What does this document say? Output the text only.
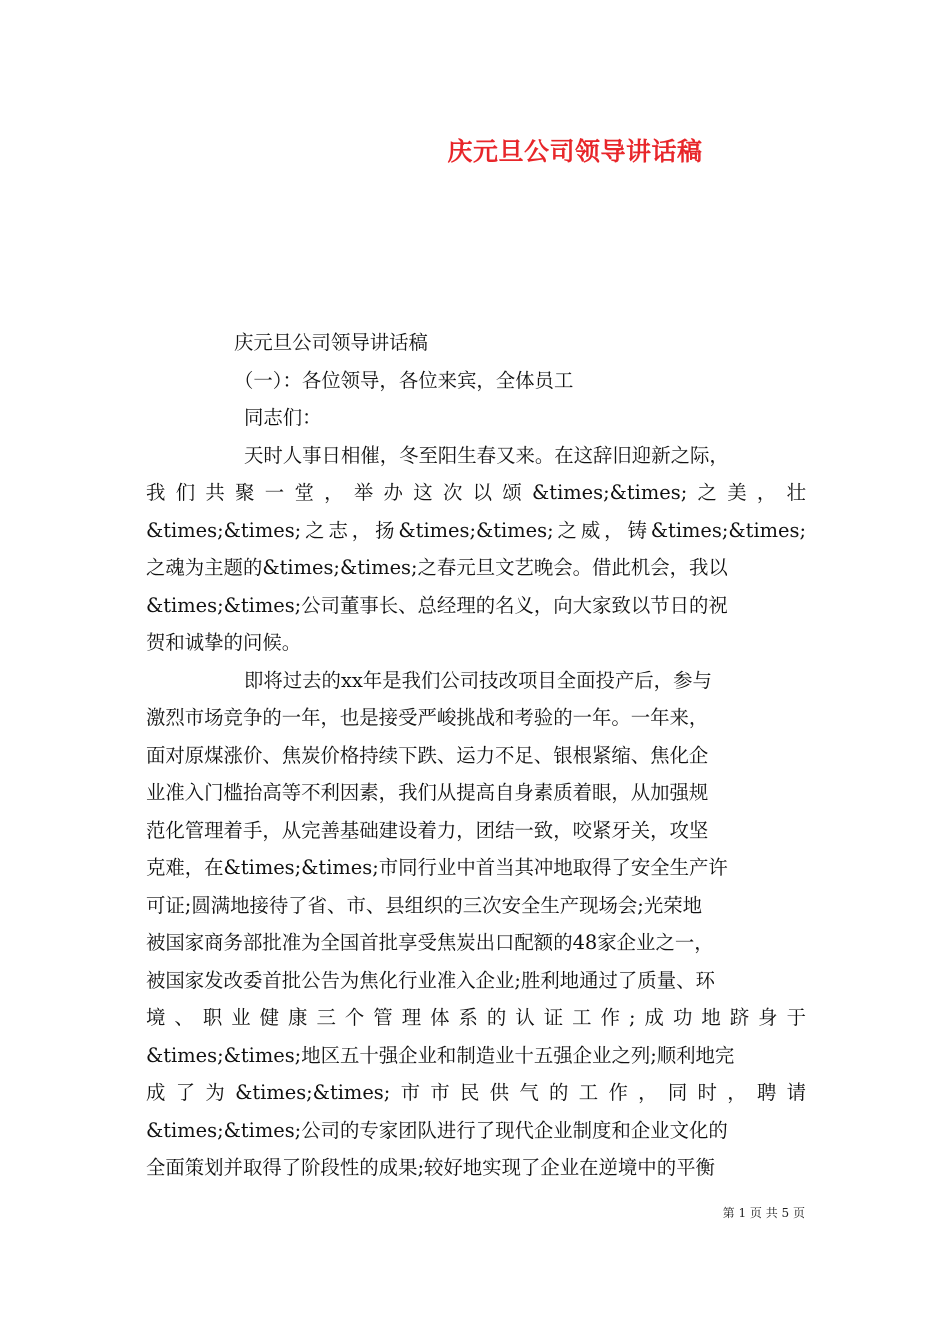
庆元旦公司领导讲话稿
庆元旦公司领导讲话稿
（一）：各位领导，各位来宾，全体员工
同志们：
天时人事日相催，冬至阳生春又来。在这辞旧迎新之际，
我们共聚一堂，举办这次以颂&times;&times;之美，壮
&times;&times;之志，扬&times;&times;之威，铸&times;&times;
之魂为主题的&times;&times;之春元旦文艺晚会。借此机会，我以
&times;&times;公司董事长、总经理的名义，向大家致以节日的祝
贺和诚挚的问候。
即将过去的xx年是我们公司技改项目全面投产后，参与
激烈市场竞争的一年，也是接受严峻挑战和考验的一年。一年来，
面对原煤涨价、焦炭价格持续下跌、运力不足、银根紧缩、焦化企
业准入门槛抬高等不利因素，我们从提高自身素质着眼，从加强规
范化管理着手，从完善基础建设着力，团结一致，咬紧牙关，攻坚
克难，在&times;&times;市同行业中首当其冲地取得了安全生产许
可证;圆满地接待了省、市、县组织的三次安全生产现场会;光荣地
被国家商务部批准为全国首批享受焦炭出口配额的48家企业之一，
被国家发改委首批公告为焦化行业准入企业;胜利地通过了质量、环
境、职业健康三个管理体系的认证工作;成功地跻身于
&times;&times;地区五十强企业和制造业十五强企业之列;顺利地完
成了为&times;&times;市市民供气的工作，同时，聘请
&times;&times;公司的专家团队进行了现代企业制度和企业文化的
全面策划并取得了阶段性的成果;较好地实现了企业在逆境中的平衡
第 1 页 共 5 页
